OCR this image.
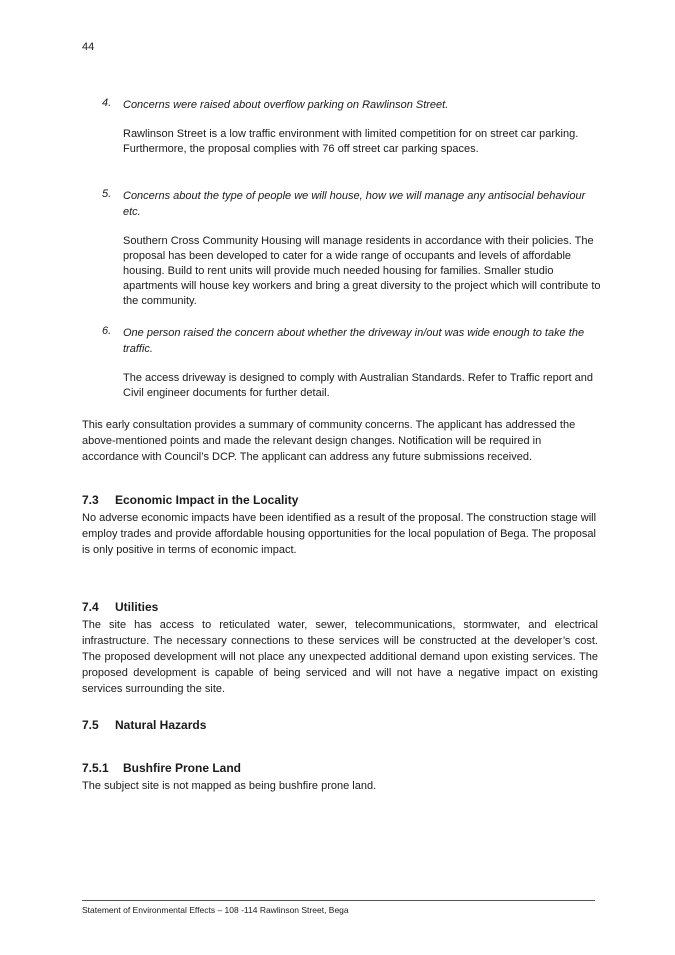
44
4. Concerns were raised about overflow parking on Rawlinson Street.
Rawlinson Street is a low traffic environment with limited competition for on street car parking. Furthermore, the proposal complies with 76 off street car parking spaces.
5. Concerns about the type of people we will house, how we will manage any antisocial behaviour etc.
Southern Cross Community Housing will manage residents in accordance with their policies. The proposal has been developed to cater for a wide range of occupants and levels of affordable housing. Build to rent units will provide much needed housing for families. Smaller studio apartments will house key workers and bring a great diversity to the project which will contribute to the community.
6. One person raised the concern about whether the driveway in/out was wide enough to take the traffic.
The access driveway is designed to comply with Australian Standards. Refer to Traffic report and Civil engineer documents for further detail.
This early consultation provides a summary of community concerns. The applicant has addressed the above-mentioned points and made the relevant design changes. Notification will be required in accordance with Council’s DCP. The applicant can address any future submissions received.
7.3 Economic Impact in the Locality
No adverse economic impacts have been identified as a result of the proposal. The construction stage will employ trades and provide affordable housing opportunities for the local population of Bega. The proposal is only positive in terms of economic impact.
7.4 Utilities
The site has access to reticulated water, sewer, telecommunications, stormwater, and electrical infrastructure. The necessary connections to these services will be constructed at the developer’s cost. The proposed development will not place any unexpected additional demand upon existing services. The proposed development is capable of being serviced and will not have a negative impact on existing services surrounding the site.
7.5 Natural Hazards
7.5.1 Bushfire Prone Land
The subject site is not mapped as being bushfire prone land.
Statement of Environmental Effects – 108 -114 Rawlinson Street, Bega
